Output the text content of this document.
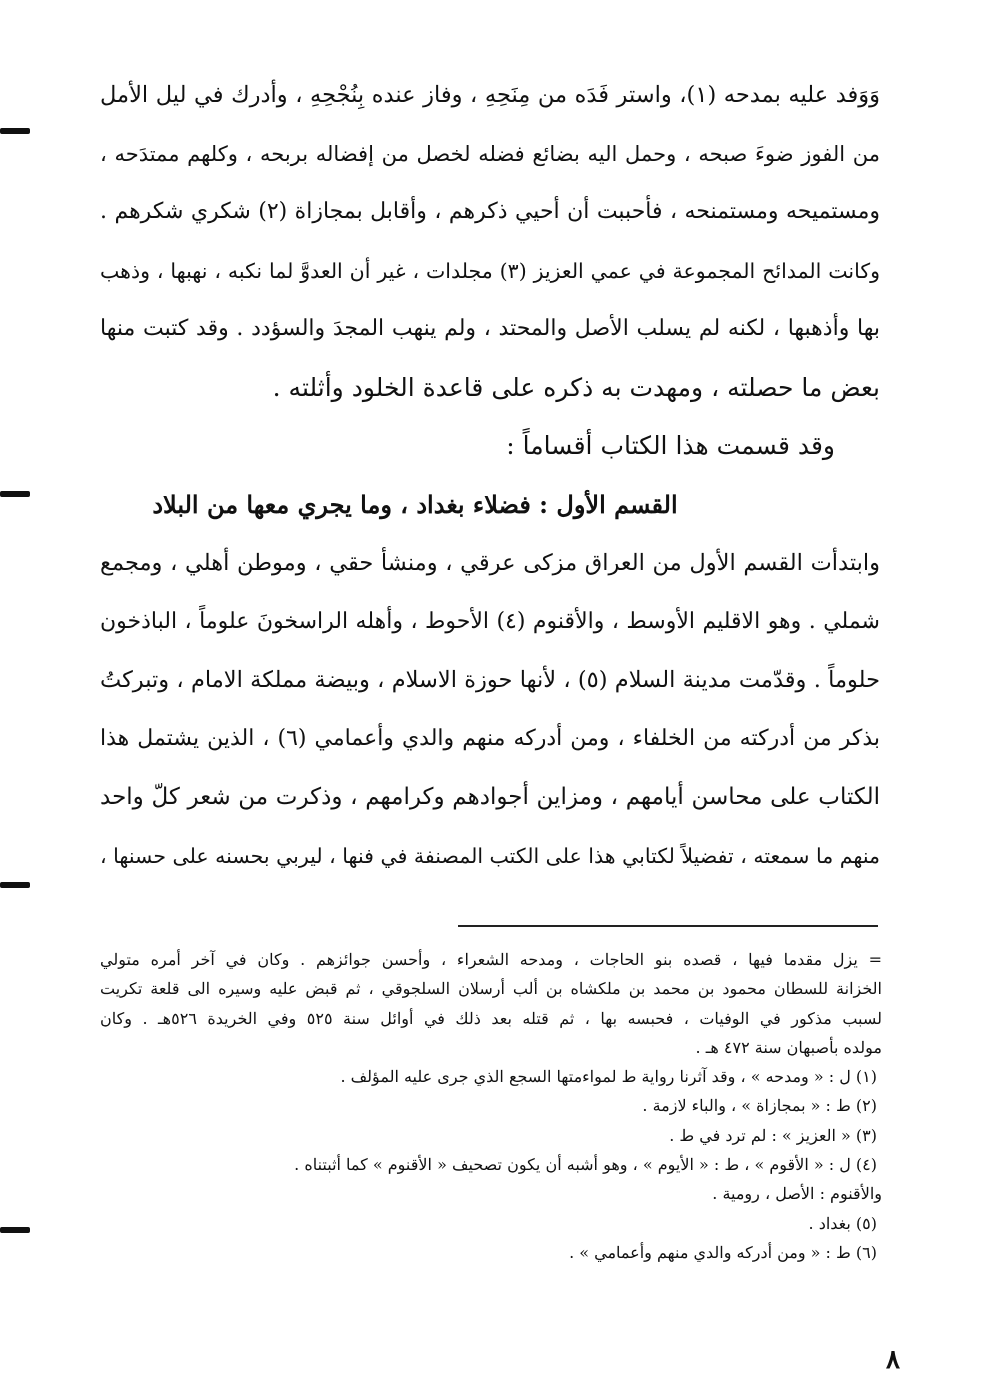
وَوَفد عليه بمدحه (١)، واستر فَدَه من مِنَحِهِ ، وفاز عنده بِنُجْحِهِ ، وأدرك في ليل الأمل
من الفوز ضوءَ صبحه ، وحمل اليه بضائع فضله لخصل من إفضاله بربحه ، وكلهم ممتدَحه ،
ومستميحه ومستمنحه ، فأحببت أن أحيي ذكرهم ، وأقابل بمجازاة (٢) شكري شكرهم .
وكانت المدائح المجموعة في عمي العزيز (٣) مجلدات ، غير أن العدوَّ لما نكبه ، نهبها ، وذهب
بها وأذهبها ، لكنه لم يسلب الأصل والمحتد ، ولم ينهب المجدَ والسؤدد . وقد كتبت منها
بعض ما حصلته ، ومهدت به ذكره على قاعدة الخلود وأثلته .
وقد قسمت هذا الكتاب أقساماً :
القسم الأول : فضلاء بغداد ، وما يجري معها من البلاد
وابتدأت القسم الأول من العراق مزكى عرقي ، ومنشأ حقي ، وموطن أهلي ، ومجمع
شملي . وهو الاقليم الأوسط ، والأقنوم (٤) الأحوط ، وأهله الراسخونَ علوماً ، الباذخون
حلوماً . وقدّمت مدينة السلام (٥) ، لأنها حوزة الاسلام ، وبيضة مملكة الامام ، وتبركتُ
بذكر من أدركته من الخلفاء ، ومن أدركه منهم والدي وأعمامي (٦) ، الذين يشتمل هذا
الكتاب على محاسن أيامهم ، ومزاين أجوادهم وكرامهم ، وذكرت من شعر كلّ واحد
منهم ما سمعته ، تفضيلاً لكتابي هذا على الكتب المصنفة في فنها ، ليربي بحسنه على حسنها ،
= يزل مقدما فيها ، قصده بنو الحاجات ، ومدحه الشعراء ، وأحسن جوائزهم . وكان في آخر أمره متولي
الخزانة للسطان محمود بن محمد بن ملكشاه بن ألب أرسلان السلجوقي ، ثم قبض عليه وسيره الى قلعة تكريت
لسبب مذكور في الوفيات ، فحبسه بها ، ثم قتله بعد ذلك في أوائل سنة ٥٢٥ وفي الخريدة ٥٢٦هـ . وكان
مولده بأصبهان سنة ٤٧٢ هـ .
(١) ل : « ومدحه » ، وقد آثرنا رواية ط لمواءمتها السجع الذي جرى عليه المؤلف .
(٢) ط : « بمجازاة » ، والباء لازمة .
(٣) « العزيز » : لم ترد في ط .
(٤) ل : « الأقوم » ، ط : « الأيوم » ، وهو أشبه أن يكون تصحيف « الأقنوم » كما أثبتناه .
والأقنوم : الأصل ، رومية .
(٥) بغداد .
(٦) ط : « ومن أدركه والدي منهم وأعمامي » .
٨
